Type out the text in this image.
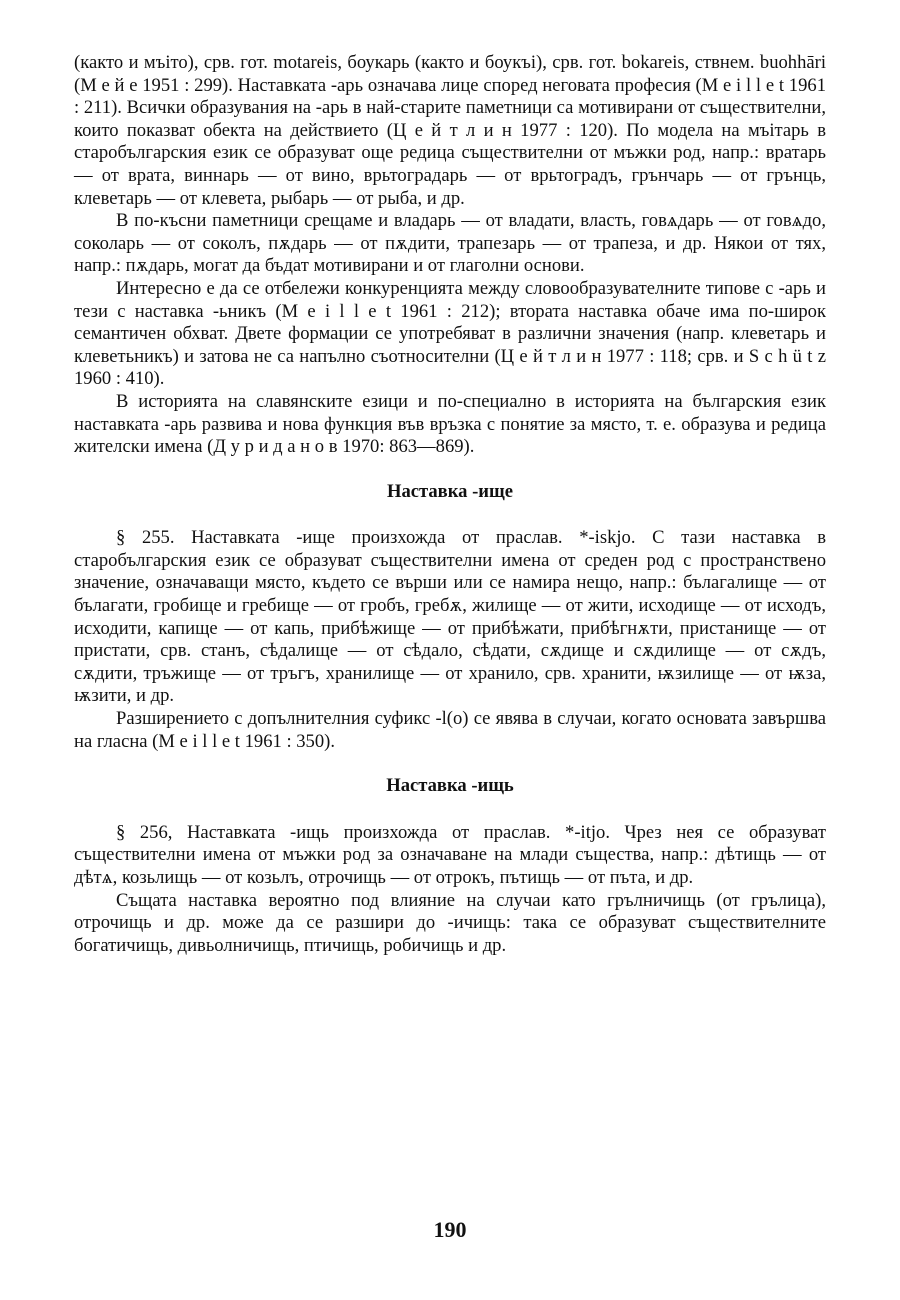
(както и мъіто), срв. гот. motareis, боукарь (както и боукъі), срв. гот. bokareis, ствнем. buohhāri (М е й е 1951 : 299). Наставката -арь означава лице според неговата професия (M e i l l e t 1961 : 211). Всички образувания на -арь в най-старите паметници са мотивирани от съществителни, които показват обекта на действието (Ц е й т л и н 1977 : 120). По модела на мъітарь в старобългарския език се образуват още редица съществителни от мъжки род, напр.: вратарь — от врата, виннарь — от вино, врьтоградарь — от врьтоградъ, грънчарь — от грънць, клеветарь — от клевета, рыбарь — от рыба, и др.

В по-късни паметници срещаме и владарь — от владати, власть, говѧдарь — от говѧдо, соколарь — от соколъ, пѫдарь — от пѫдити, трапезарь — от трапеза, и др. Някои от тях, напр.: пѫдарь, могат да бъдат мотивирани и от глаголни основи.

Интересно е да се отбележи конкуренцията между словообразувателните типове с -арь и тези с наставка -ьникъ (M e i l l e t 1961 : 212); втората наставка обаче има по-широк семантичен обхват. Двете формации се употребяват в различни значения (напр. клеветарь и клеветьникъ) и затова не са напълно съотносителни (Ц е й т л и н 1977 : 118; срв. и S c h ü t z 1960 : 410).

В историята на славянските езици и по-специално в историята на българския език наставката -арь развива и нова функция във връзка с понятие за място, т. е. образува и редица жителски имена (Д у р и д а н о в 1970: 863—869).

Наставка -ище

§ 255. Наставката -ище произхожда от праслав. *-iskjo. С тази наставка в старобългарския език се образуват съществителни имена от среден род с пространствено значение, означаващи място, където се върши или се намира нещо, напр.: бълагалище — от бълагати, гробище и гребище — от гробъ, гребѫ, жилище — от жити, исходище — от исходъ, исходити, капище — от капь, прибѣжище — от прибѣжати, прибѣгнѫти, пристанище — от пристати, срв. станъ, сѣдалище — от сѣдало, сѣдати, сѫдище и сѫдилище — от сѫдъ, сѫдити, тръжище — от тръгъ, хранилище — от хранило, срв. хранити, ѭзилище — от ѭза, ѭзити, и др.

Разширението с допълнителния суфикс -l(o) се явява в случаи, когато основата завършва на гласна (M e i l l e t 1961 : 350).

Наставка -ищь

§ 256, Наставката -ищь произхожда от праслав. *-itjo. Чрез нея се образуват съществителни имена от мъжки род за означаване на млади същества, напр.: дѣтищь — от дѣтѧ, козьлищь — от козьлъ, отрочищь — от отрокъ, пътищь — от пъта, и др.

Същата наставка вероятно под влияние на случаи като грълничищь (от грълица), отрочищь и др. може да се разшири до -ичищь: така се образуват съществителните богатичищь, дивьолничищь, птичищь, робичищь и др.

190
